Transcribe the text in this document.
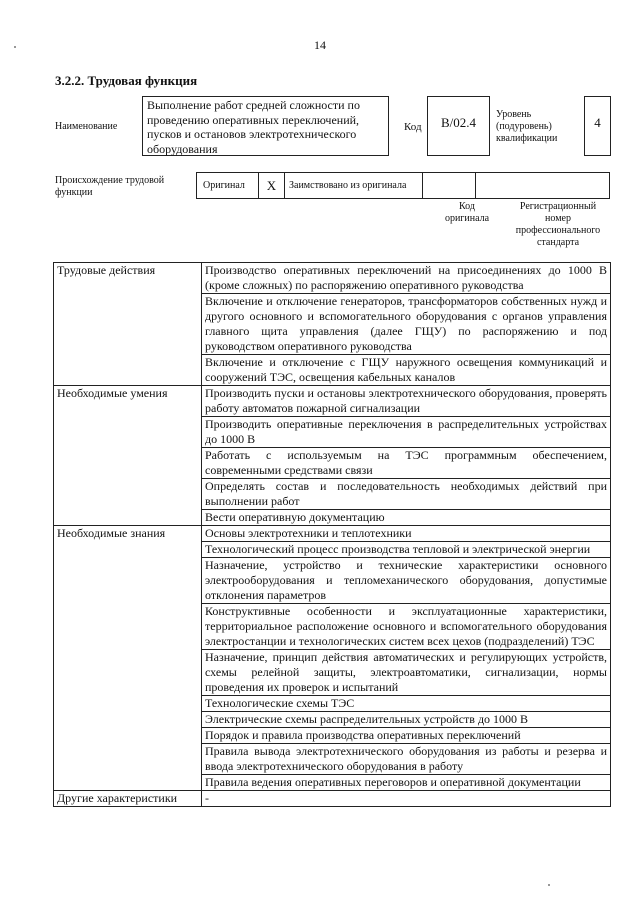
14
3.2.2. Трудовая функция
Наименование
Выполнение работ средней сложности по проведению оперативных переключений, пусков и остановов электротехнического оборудования
Код B/02.4
Уровень
(подуровень)
квалификации
4
Происхождение трудовой
функции
Оригинал X Заимствовано из оригинала
Код
оригинала
Регистрационный
номер
профессионального
стандарта
Трудовые действия	Производство оперативных переключений на присоединениях до 1000 В (кроме сложных) по распоряжению оперативного руководства
	Включение и отключение генераторов, трансформаторов собственных нужд и другого основного и вспомогательного оборудования с органов управления главного щита управления (далее ГЩУ) по распоряжению и под руководством оперативного руководства
	Включение и отключение с ГЩУ наружного освещения коммуникаций и сооружений ТЭС, освещения кабельных каналов
Необходимые умения	Производить пуски и остановы электротехнического оборудования, проверять работу автоматов пожарной сигнализации
	Производить оперативные переключения в распределительных устройствах до 1000 В
	Работать с используемым на ТЭС программным обеспечением, современными средствами связи
	Определять состав и последовательность необходимых действий при выполнении работ
	Вести оперативную документацию
Необходимые знания	Основы электротехники и теплотехники
	Технологический процесс производства тепловой и электрической энергии
	Назначение, устройство и технические характеристики основного электрооборудования и тепломеханического оборудования, допустимые отклонения параметров
	Конструктивные особенности и эксплуатационные характеристики, территориальное расположение основного и вспомогательного оборудования электростанции и технологических систем всех цехов (подразделений) ТЭС
	Назначение, принцип действия автоматических и регулирующих устройств, схемы релейной защиты, электроавтоматики, сигнализации, нормы проведения их проверок и испытаний
	Технологические схемы ТЭС
	Электрические схемы распределительных устройств до 1000 В
	Порядок и правила производства оперативных переключений
	Правила вывода электротехнического оборудования из работы и резерва и ввода электротехнического оборудования в работу
	Правила ведения оперативных переговоров и оперативной документации
Другие характеристики	-
